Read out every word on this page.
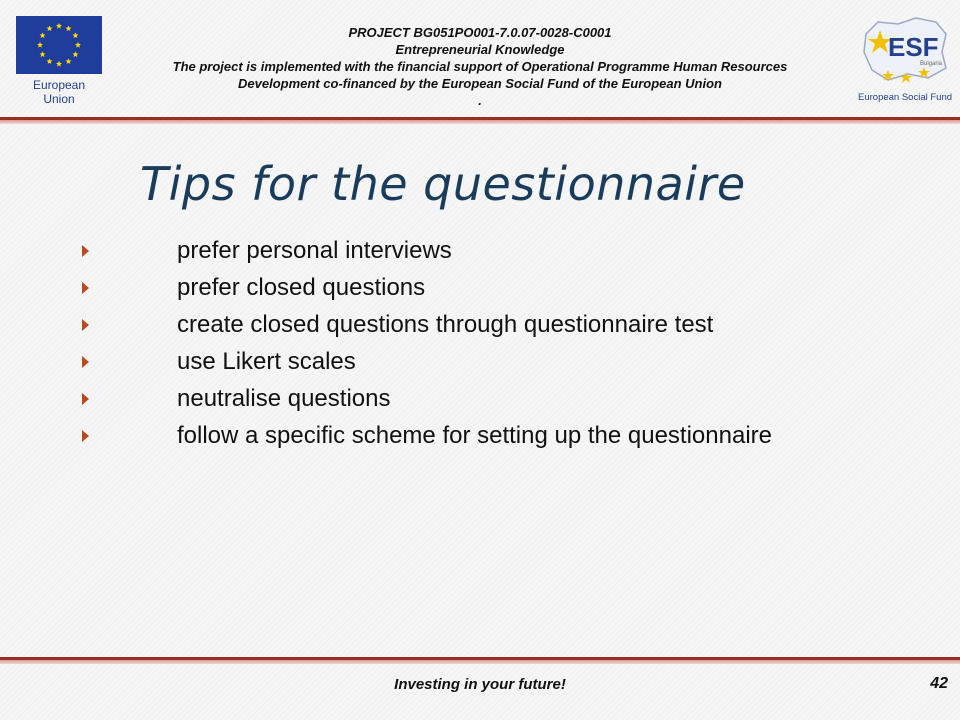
European Union
PROJECT BG051PO001-7.0.07-0028-C0001
Entrepreneurial Knowledge
The project is implemented with the financial support of Operational Programme Human Resources
Development co-financed by the European Social Fund of the European Union
.
ESF
Bulgaria
European Social Fund
Tips for the questionnaire
prefer personal interviews
prefer closed questions
create closed questions through questionnaire test
use Likert scales
neutralise questions
follow a specific scheme for setting up the questionnaire
Investing in your future!	42
